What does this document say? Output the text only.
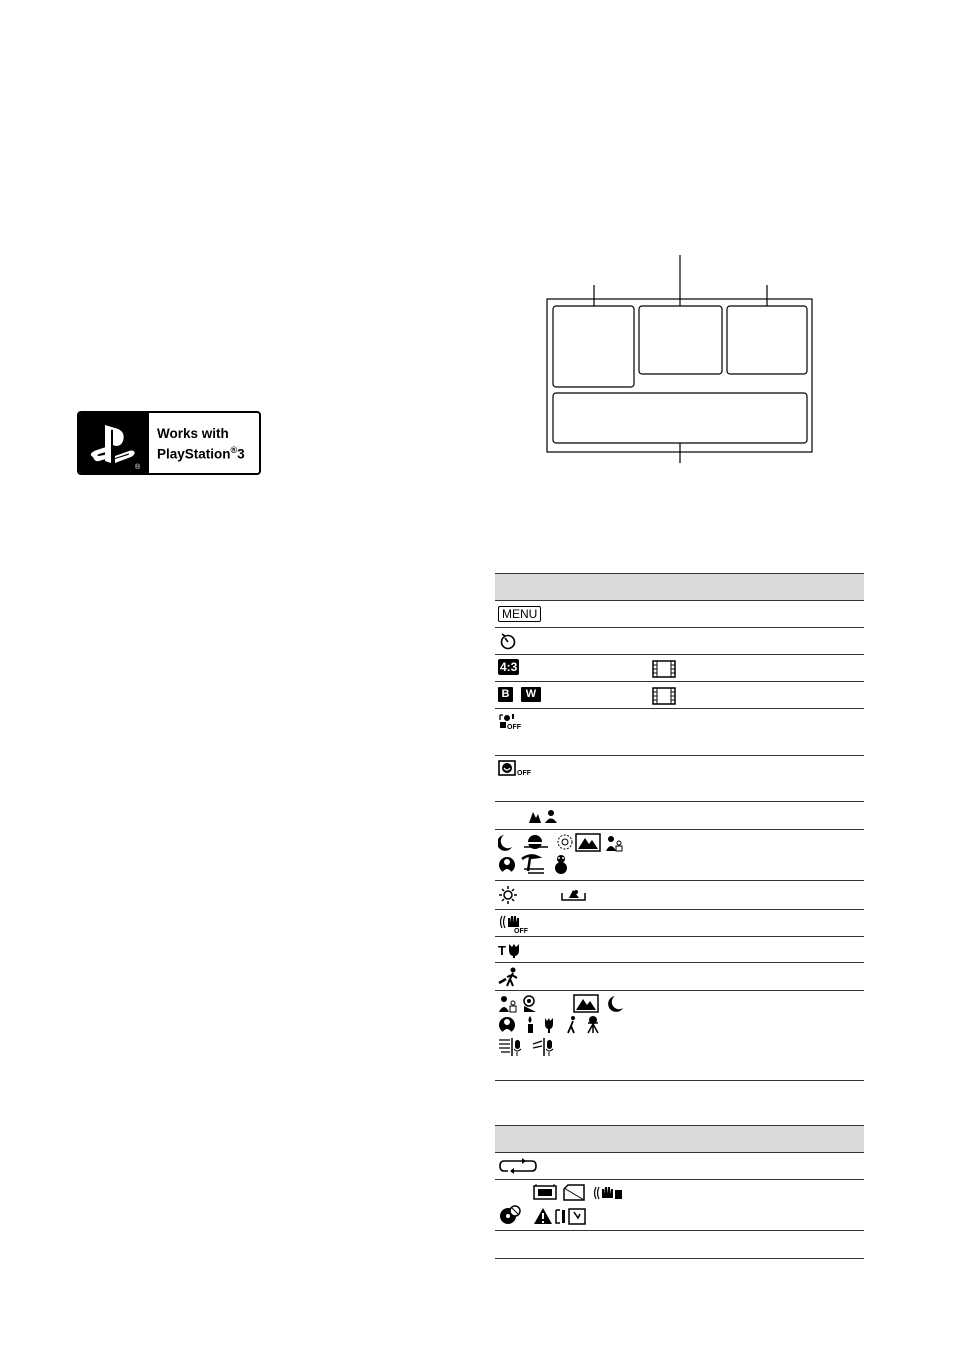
®
Works with
PlayStation®3
MENU
4:3
B	W
OFF
OFF
OFF
T
